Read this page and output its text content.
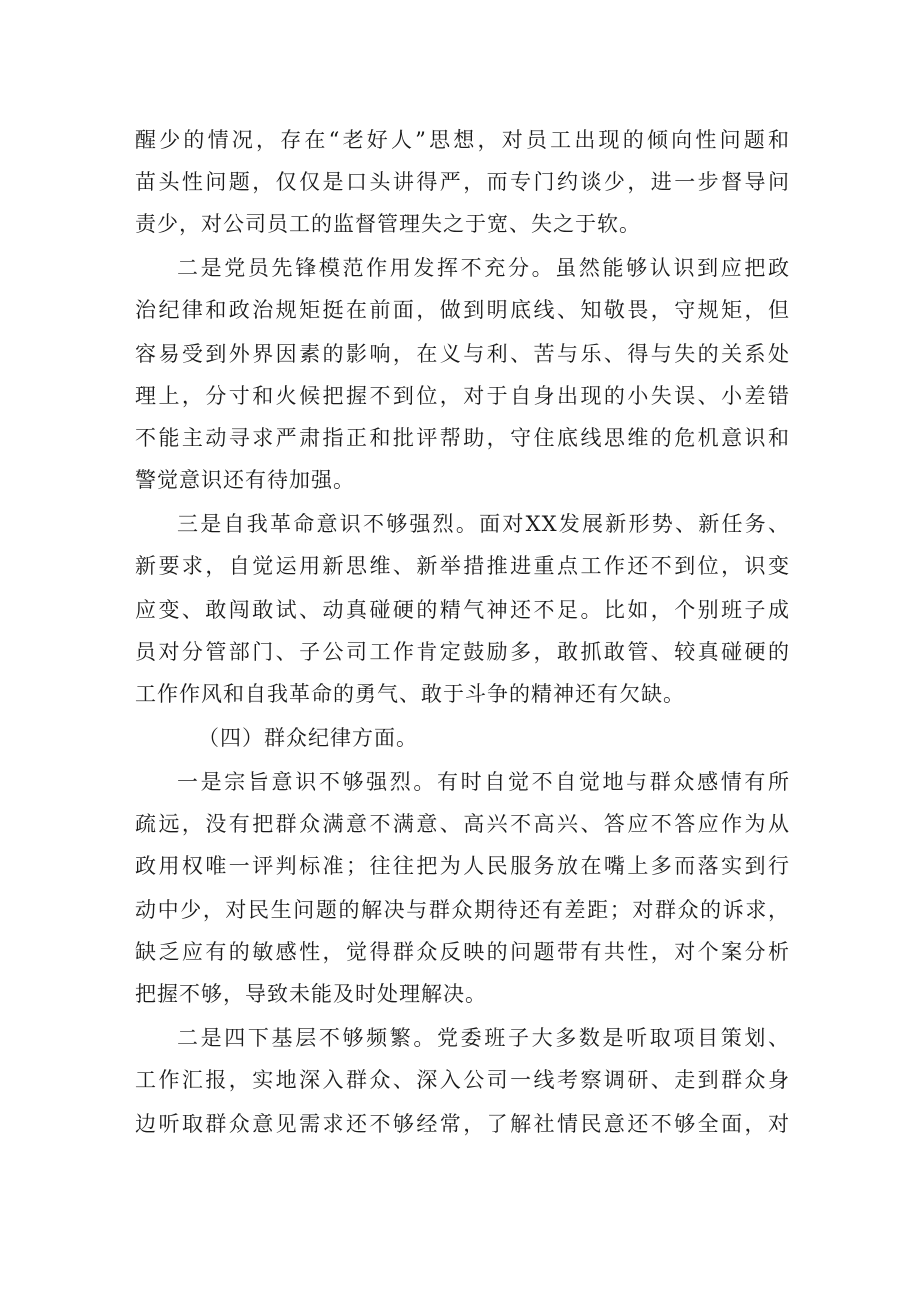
醒少的情况，存在“老好人”思想，对员工出现的倾向性问题和
苗头性问题，仅仅是口头讲得严，而专门约谈少，进一步督导问
责少，对公司员工的监督管理失之于宽、失之于软。
二是党员先锋模范作用发挥不充分。虽然能够认识到应把政
治纪律和政治规矩挺在前面，做到明底线、知敬畏，守规矩，但
容易受到外界因素的影响，在义与利、苦与乐、得与失的关系处
理上，分寸和火候把握不到位，对于自身出现的小失误、小差错
不能主动寻求严肃指正和批评帮助，守住底线思维的危机意识和
警觉意识还有待加强。
三是自我革命意识不够强烈。面对XX发展新形势、新任务、
新要求，自觉运用新思维、新举措推进重点工作还不到位，识变
应变、敢闯敢试、动真碰硬的精气神还不足。比如，个别班子成
员对分管部门、子公司工作肯定鼓励多，敢抓敢管、较真碰硬的
工作作风和自我革命的勇气、敢于斗争的精神还有欠缺。
（四）群众纪律方面。
一是宗旨意识不够强烈。有时自觉不自觉地与群众感情有所
疏远，没有把群众满意不满意、高兴不高兴、答应不答应作为从
政用权唯一评判标准；往往把为人民服务放在嘴上多而落实到行
动中少，对民生问题的解决与群众期待还有差距；对群众的诉求，
缺乏应有的敏感性，觉得群众反映的问题带有共性，对个案分析
把握不够，导致未能及时处理解决。
二是四下基层不够频繁。党委班子大多数是听取项目策划、
工作汇报，实地深入群众、深入公司一线考察调研、走到群众身
边听取群众意见需求还不够经常，了解社情民意还不够全面，对
